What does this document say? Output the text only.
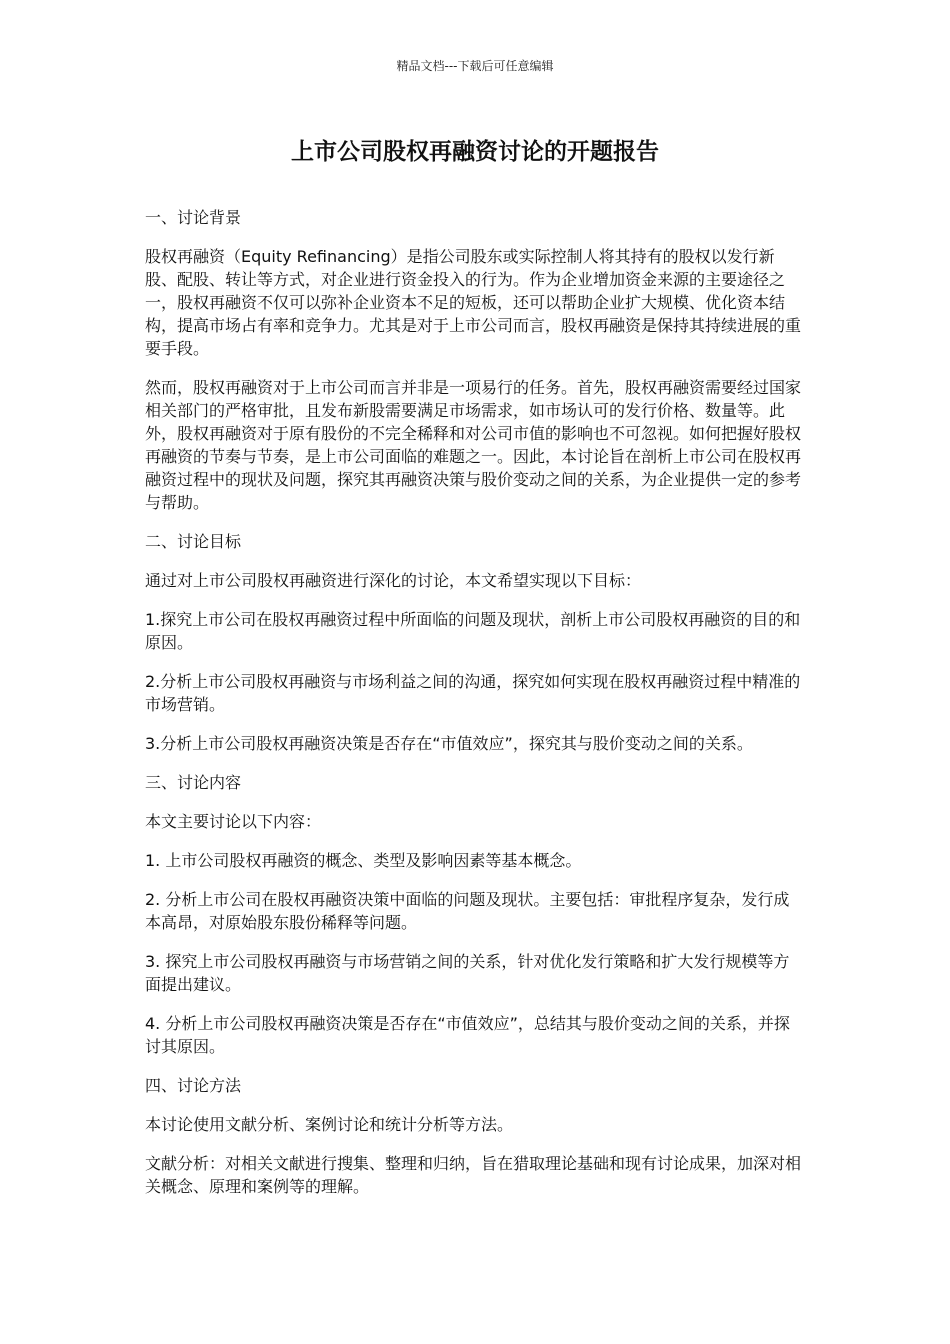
精品文档---下载后可任意编辑
上市公司股权再融资讨论的开题报告
一、讨论背景

股权再融资（Equity Refinancing）是指公司股东或实际控制人将其持有的股权以发行新股、配股、转让等方式，对企业进行资金投入的行为。作为企业增加资金来源的主要途径之一，股权再融资不仅可以弥补企业资本不足的短板，还可以帮助企业扩大规模、优化资本结构，提高市场占有率和竞争力。尤其是对于上市公司而言，股权再融资是保持其持续进展的重要手段。

然而，股权再融资对于上市公司而言并非是一项易行的任务。首先，股权再融资需要经过国家相关部门的严格审批，且发布新股需要满足市场需求，如市场认可的发行价格、数量等。此外，股权再融资对于原有股份的不完全稀释和对公司市值的影响也不可忽视。如何把握好股权再融资的节奏与节奏，是上市公司面临的难题之一。因此，本讨论旨在剖析上市公司在股权再融资过程中的现状及问题，探究其再融资决策与股价变动之间的关系，为企业提供一定的参考与帮助。

二、讨论目标

通过对上市公司股权再融资进行深化的讨论，本文希望实现以下目标：

1.探究上市公司在股权再融资过程中所面临的问题及现状，剖析上市公司股权再融资的目的和原因。

2.分析上市公司股权再融资与市场利益之间的沟通，探究如何实现在股权再融资过程中精准的市场营销。

3.分析上市公司股权再融资决策是否存在“市值效应”，探究其与股价变动之间的关系。

三、讨论内容

本文主要讨论以下内容：

1. 上市公司股权再融资的概念、类型及影响因素等基本概念。

2. 分析上市公司在股权再融资决策中面临的问题及现状。主要包括：审批程序复杂，发行成本高昂，对原始股东股份稀释等问题。

3. 探究上市公司股权再融资与市场营销之间的关系，针对优化发行策略和扩大发行规模等方面提出建议。

4. 分析上市公司股权再融资决策是否存在“市值效应”，总结其与股价变动之间的关系，并探讨其原因。

四、讨论方法

本讨论使用文献分析、案例讨论和统计分析等方法。

文献分析：对相关文献进行搜集、整理和归纳，旨在猎取理论基础和现有讨论成果，加深对相关概念、原理和案例等的理解。
